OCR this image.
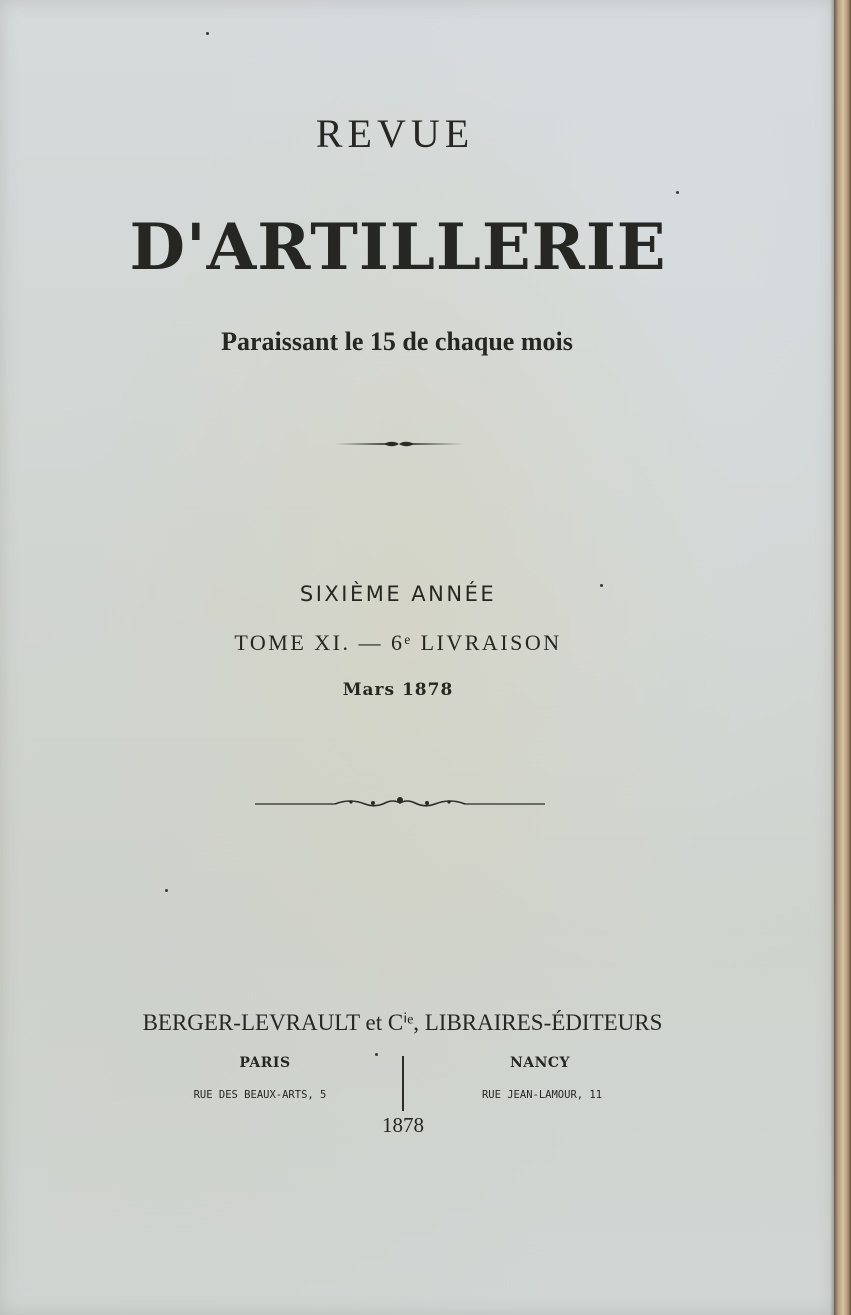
REVUE
D'ARTILLERIE
Paraissant le 15 de chaque mois
SIXIÈME ANNÉE
TOME XI. — 6ᵉ LIVRAISON
Mars 1878
BERGER-LEVRAULT et Cⁱᵉ, LIBRAIRES-ÉDITEURS
PARIS	NANCY
RUE DES BEAUX-ARTS, 5	RUE JEAN-LAMOUR, 11
1878
